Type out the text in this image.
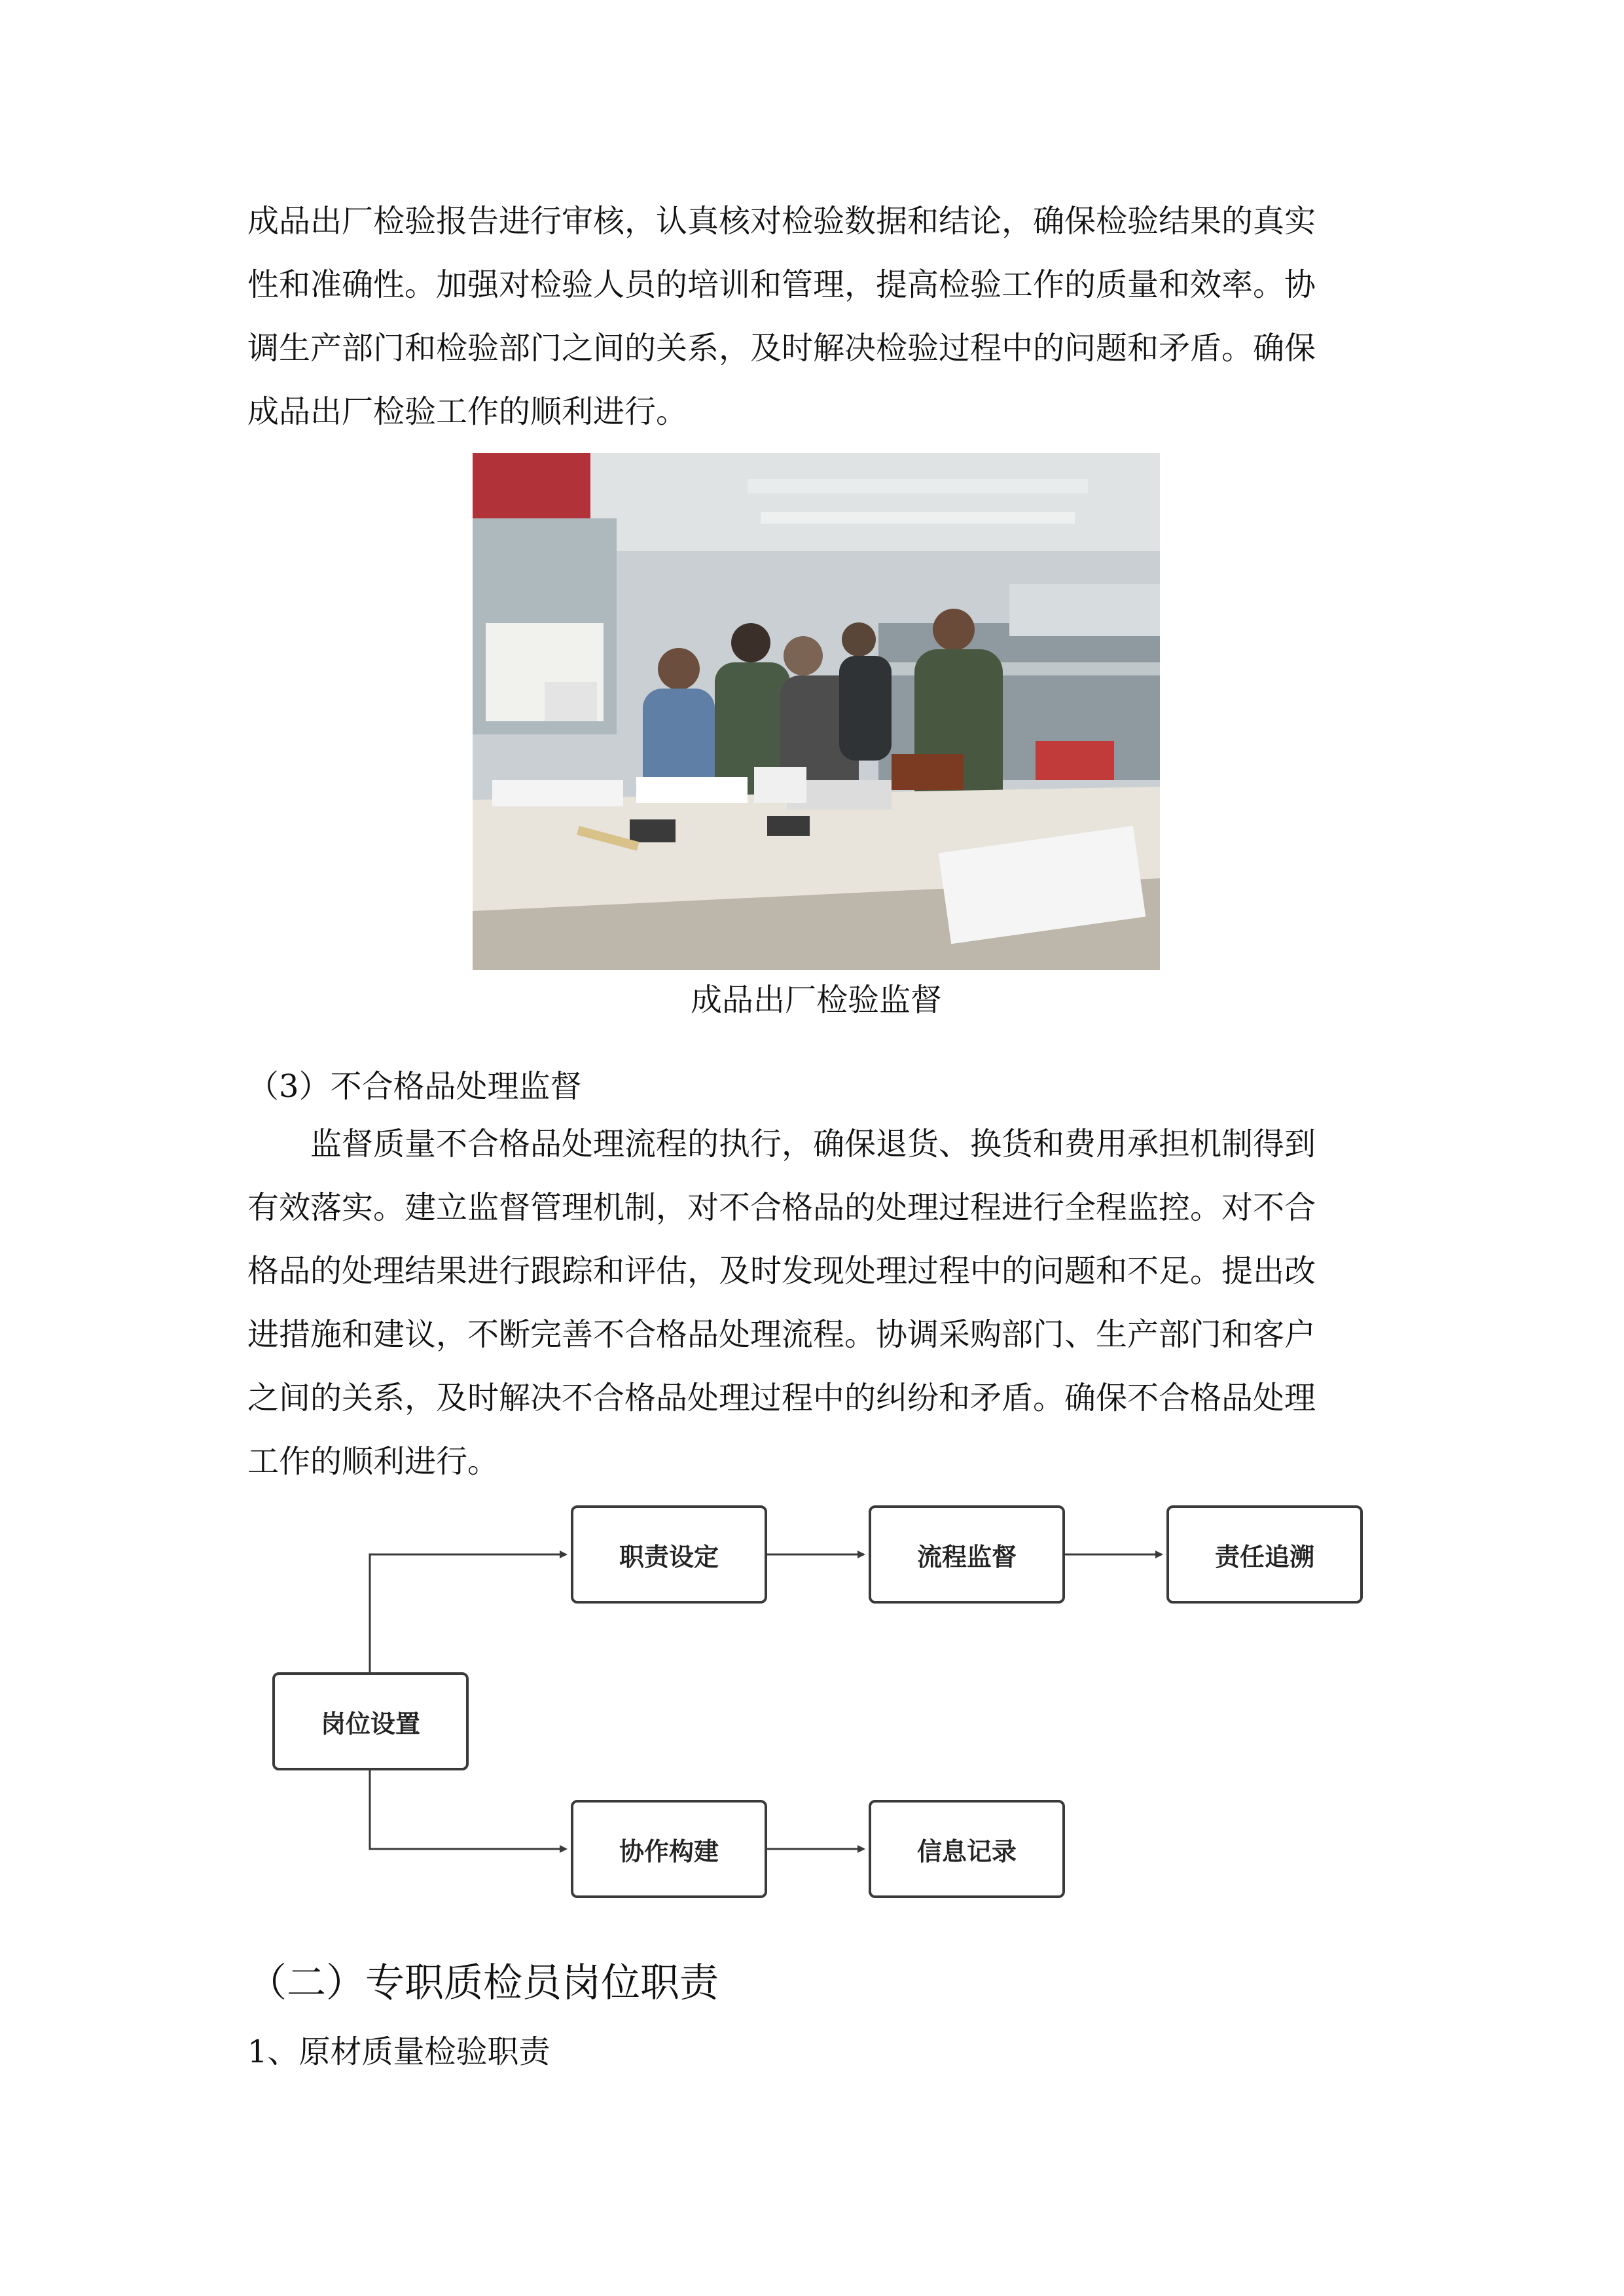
成品出厂检验报告进行审核，认真核对检验数据和结论，确保检验结果的真实
性和准确性。加强对检验人员的培训和管理，提高检验工作的质量和效率。协
调生产部门和检验部门之间的关系，及时解决检验过程中的问题和矛盾。确保
成品出厂检验工作的顺利进行。

成品出厂检验监督
（3）不合格品处理监督

　　监督质量不合格品处理流程的执行，确保退货、换货和费用承担机制得到
有效落实。建立监督管理机制，对不合格品的处理过程进行全程监控。对不合
格品的处理结果进行跟踪和评估，及时发现处理过程中的问题和不足。提出改
进措施和建议，不断完善不合格品处理流程。协调采购部门、生产部门和客户
之间的关系，及时解决不合格品处理过程中的纠纷和矛盾。确保不合格品处理
工作的顺利进行。

岗位设置
职责设定	流程监督	责任追溯
协作构建	信息记录
（二）专职质检员岗位职责
1、原材质量检验职责
